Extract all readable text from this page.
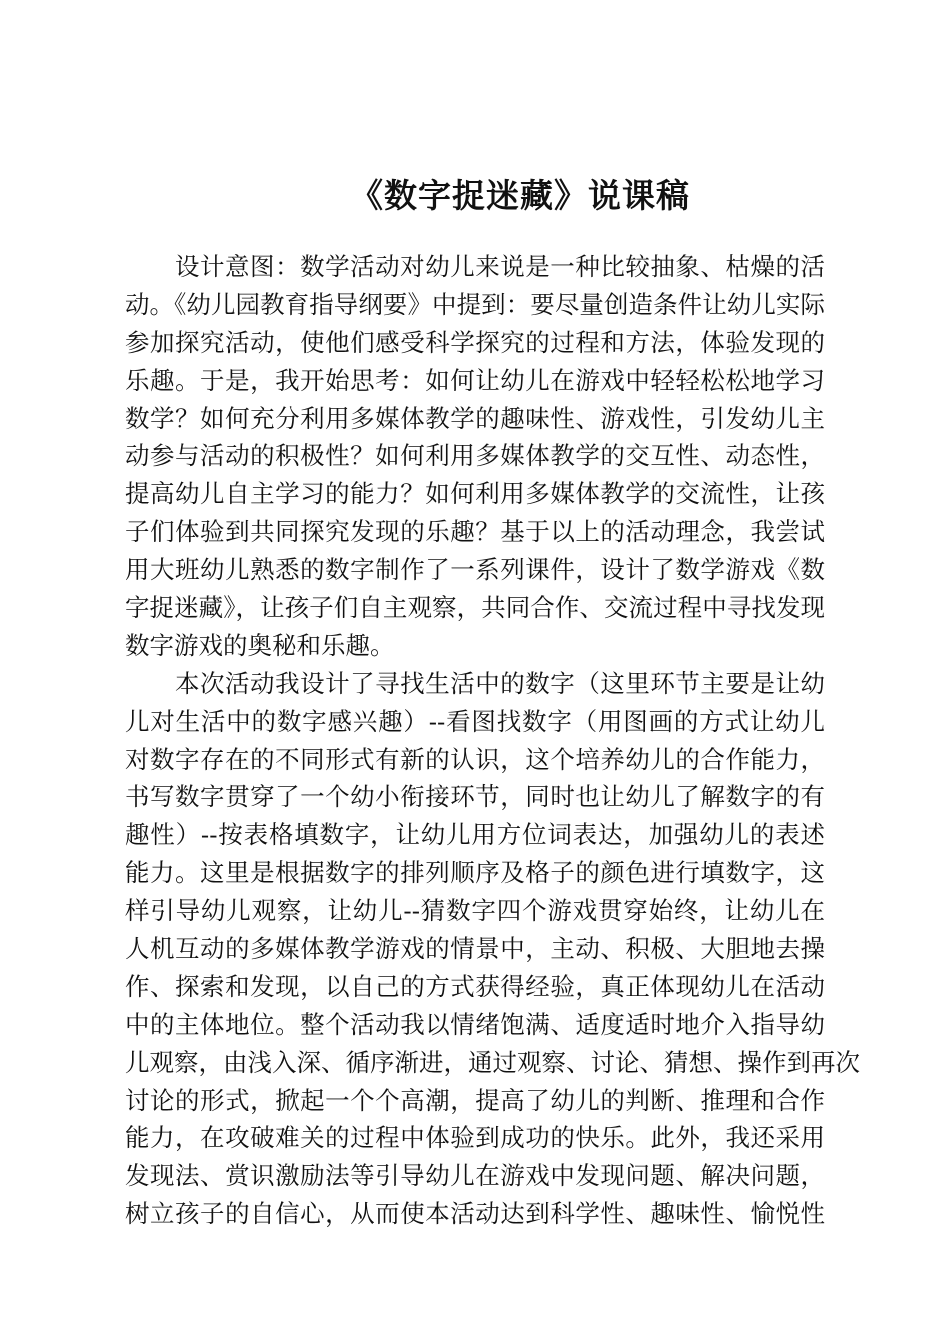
《数字捉迷藏》说课稿
设计意图：数学活动对幼儿来说是一种比较抽象、枯燥的活
动。《幼儿园教育指导纲要》中提到：要尽量创造条件让幼儿实际
参加探究活动，使他们感受科学探究的过程和方法，体验发现的
乐趣。于是，我开始思考：如何让幼儿在游戏中轻轻松松地学习
数学？如何充分利用多媒体教学的趣味性、游戏性，引发幼儿主
动参与活动的积极性？如何利用多媒体教学的交互性、动态性，
提高幼儿自主学习的能力？如何利用多媒体教学的交流性，让孩
子们体验到共同探究发现的乐趣？基于以上的活动理念，我尝试
用大班幼儿熟悉的数字制作了一系列课件，设计了数学游戏《数
字捉迷藏》，让孩子们自主观察，共同合作、交流过程中寻找发现
数字游戏的奥秘和乐趣。
本次活动我设计了寻找生活中的数字（这里环节主要是让幼
儿对生活中的数字感兴趣）--看图找数字（用图画的方式让幼儿
对数字存在的不同形式有新的认识，这个培养幼儿的合作能力，
书写数字贯穿了一个幼小衔接环节，同时也让幼儿了解数字的有
趣性）--按表格填数字，让幼儿用方位词表达，加强幼儿的表述
能力。这里是根据数字的排列顺序及格子的颜色进行填数字，这
样引导幼儿观察，让幼儿--猜数字四个游戏贯穿始终，让幼儿在
人机互动的多媒体教学游戏的情景中，主动、积极、大胆地去操
作、探索和发现，以自己的方式获得经验，真正体现幼儿在活动
中的主体地位。整个活动我以情绪饱满、适度适时地介入指导幼
儿观察，由浅入深、循序渐进，通过观察、讨论、猜想、操作到再次
讨论的形式，掀起一个个高潮，提高了幼儿的判断、推理和合作
能力，在攻破难关的过程中体验到成功的快乐。此外，我还采用
发现法、赏识激励法等引导幼儿在游戏中发现问题、解决问题，
树立孩子的自信心，从而使本活动达到科学性、趣味性、愉悦性
